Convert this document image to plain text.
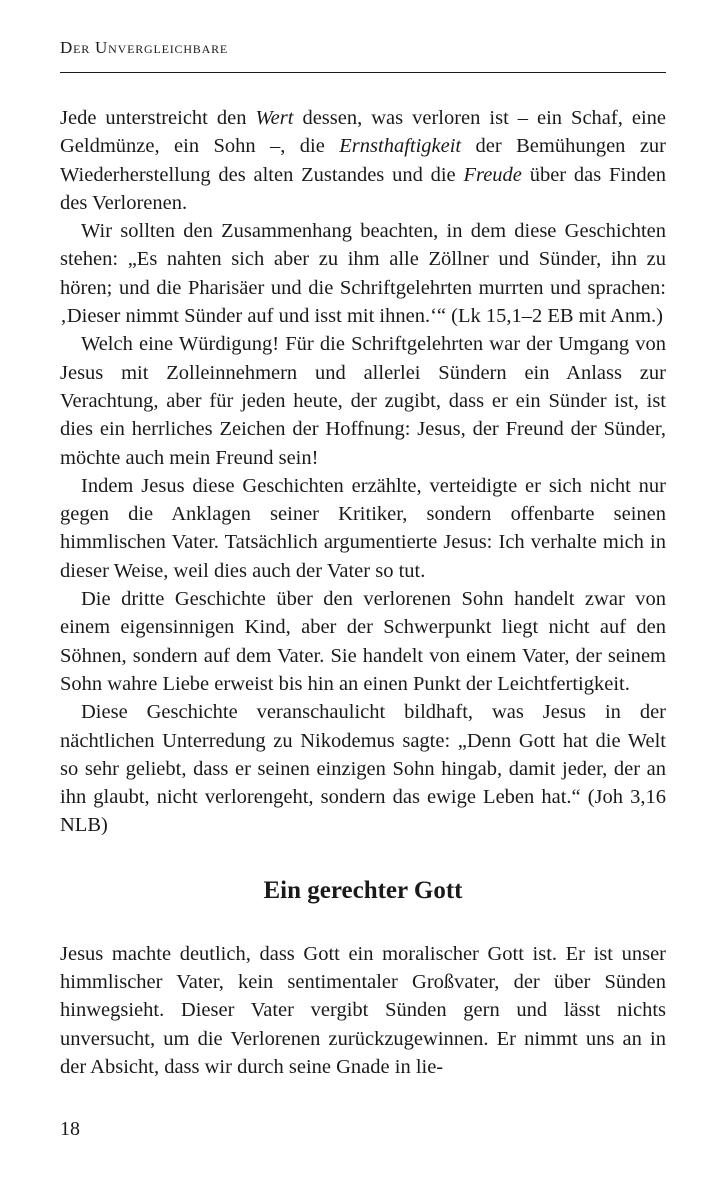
Der Unvergleichbare

Jede unterstreicht den Wert dessen, was verloren ist – ein Schaf, eine Geldmünze, ein Sohn –, die Ernsthaftigkeit der Bemühungen zur Wiederherstellung des alten Zustandes und die Freude über das Finden des Verlorenen.

Wir sollten den Zusammenhang beachten, in dem diese Geschichten stehen: „Es nahten sich aber zu ihm alle Zöllner und Sünder, ihn zu hören; und die Pharisäer und die Schriftgelehrten murrten und sprachen: ‚Dieser nimmt Sünder auf und isst mit ihnen.‘“ (Lk 15,1–2 EB mit Anm.)

Welch eine Würdigung! Für die Schriftgelehrten war der Umgang von Jesus mit Zolleinnehmern und allerlei Sündern ein Anlass zur Verachtung, aber für jeden heute, der zugibt, dass er ein Sünder ist, ist dies ein herrliches Zeichen der Hoffnung: Jesus, der Freund der Sünder, möchte auch mein Freund sein!

Indem Jesus diese Geschichten erzählte, verteidigte er sich nicht nur gegen die Anklagen seiner Kritiker, sondern offenbarte seinen himmlischen Vater. Tatsächlich argumentierte Jesus: Ich verhalte mich in dieser Weise, weil dies auch der Vater so tut.

Die dritte Geschichte über den verlorenen Sohn handelt zwar von einem eigensinnigen Kind, aber der Schwerpunkt liegt nicht auf den Söhnen, sondern auf dem Vater. Sie handelt von einem Vater, der seinem Sohn wahre Liebe erweist bis hin an einen Punkt der Leichtfertigkeit.

Diese Geschichte veranschaulicht bildhaft, was Jesus in der nächtlichen Unterredung zu Nikodemus sagte: „Denn Gott hat die Welt so sehr geliebt, dass er seinen einzigen Sohn hingab, damit jeder, der an ihn glaubt, nicht verlorengeht, sondern das ewige Leben hat.“ (Joh 3,16 NLB)

Ein gerechter Gott

Jesus machte deutlich, dass Gott ein moralischer Gott ist. Er ist unser himmlischer Vater, kein sentimentaler Großvater, der über Sünden hinwegsieht. Dieser Vater vergibt Sünden gern und lässt nichts unversucht, um die Verlorenen zurückzugewinnen. Er nimmt uns an in der Absicht, dass wir durch seine Gnade in lie-

18
